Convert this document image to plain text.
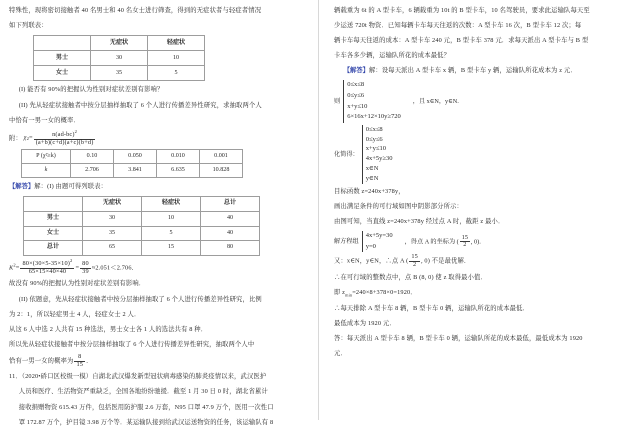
特殊性，现将密切接触者 40 名男士和 40 名女士进行筛查，得到的无症状者与轻症者情况

如下列联表：

	无症状	轻症状
男士	30	10
女士	35	5

(I) 能否有 90%的把握认为性别对症状差别有影响？

(II) 先从轻症状接触者中按分层抽样抽取了 6 个人进行传播差异性研究，求抽取两个人

中恰有一男一女的概率．

附： χ $2 = \frac{n(ad-bc)^2}{(a+b)(c+d)(a+c)(b+d)}$

P (χ²≥k)	0.10	0.050	0.010	0.001
k	2.706	3.841	6.635	10.828

【解答】解：(I) 由题可得列联表：

	无症状	轻症状	总计
男士	30	10	40
女士	35	5	40
总计	65	15	80

$K^2= \frac{80\times(30\times 5-35\times 10)^2}{65\times 15\times 40\times 40} = \frac{80}{39} \approx 2.051<2.706$．

故没有 90%的把握认为性别对症状差别有影响．

(II) 依题意，先从轻症状接触者中按分层抽样抽取了 6 个人进行传播差异性研究，比例

为 2：1，所以轻症男士 4 人，轻症女士 2 人．

从这 6 人中选 2 人共有 15 种选法，男士女士各 1 人的选法共有 8 种．

所以先从轻症状接触者中按分层抽样抽取了 6 个人进行传播差异性研究，抽取两个人中

恰有一男一女的概率为 $\frac{8}{15}$ ．

11．（2020•硚口区校级一模）自湖北武汉爆发新型冠状病毒感染的肺炎疫情以来，武汉医护

人员和医疗、生活物资严重缺乏，全国各地纷纷驰援．截至 1 月 30 日 0 时，湖北省累计

接收捐赠物资 615.43 万件，包括医用防护服 2.6 万套，N95 口罩 47.9 万个，医用一次性口

罩 172.87 万个，护目镜 3.98 万个等．某运输队接到给武汉运送物资的任务，该运输队有 8

辆载重为 6t 的 A 型卡车，6 辆载重为 10t 的 B 型卡车，10 名驾驶员，要求此运输队每天至

少运送 720t 物资．已知每辆卡车每天往返的次数：A 型卡车 16 次，B 型卡车 12 次；每

辆卡车每天往返的成本：A 型卡车 240 元，B 型卡车 378 元．求每天派出 A 型卡车与 B 型

卡车各多少辆，运输队所花的成本最低？

【解答】解：设每天派出 A 型卡车 x 辆，B 型卡车 y 辆，运输队所花成本为 z 元．

则
0≤x≤8
0≤y≤6
x+y≤10
6×16x+12×10y≥720
，且 x∈N，y∈N．
化简得：
0≤x≤8
0≤y≤6
x+y≤10
4x+5y≥30
x∈N
y∈N

目标函数 z=240x+378y，

画出满足条件的可行域如图中阴影部分所示：

由图可知，当直线 z=240x+378y 经过点 A 时，截距 z 最小．

解方程组
4x+5y=30
y=0
，得点 A 的坐标为 ( $\frac{15}{2}$ , 0)．

又：x∈N，y∈N，∴点 A ( $\frac{15}{2}$ , 0) 不是最优解．

∴在可行域的整数点中，点 B (8, 0) 使 z 取得最小值．

即 $z_{min}=240\times 8+378\times 0=1920$．

∴每天排除 A 型卡车 8 辆，B 型卡车 0 辆，运输队所花的成本最低．

最低成本为 1920 元．

答：每天派出 A 型卡车 8 辆，B 型卡车 0 辆，运输队所花的成本最低，最低成本为 1920

元．
